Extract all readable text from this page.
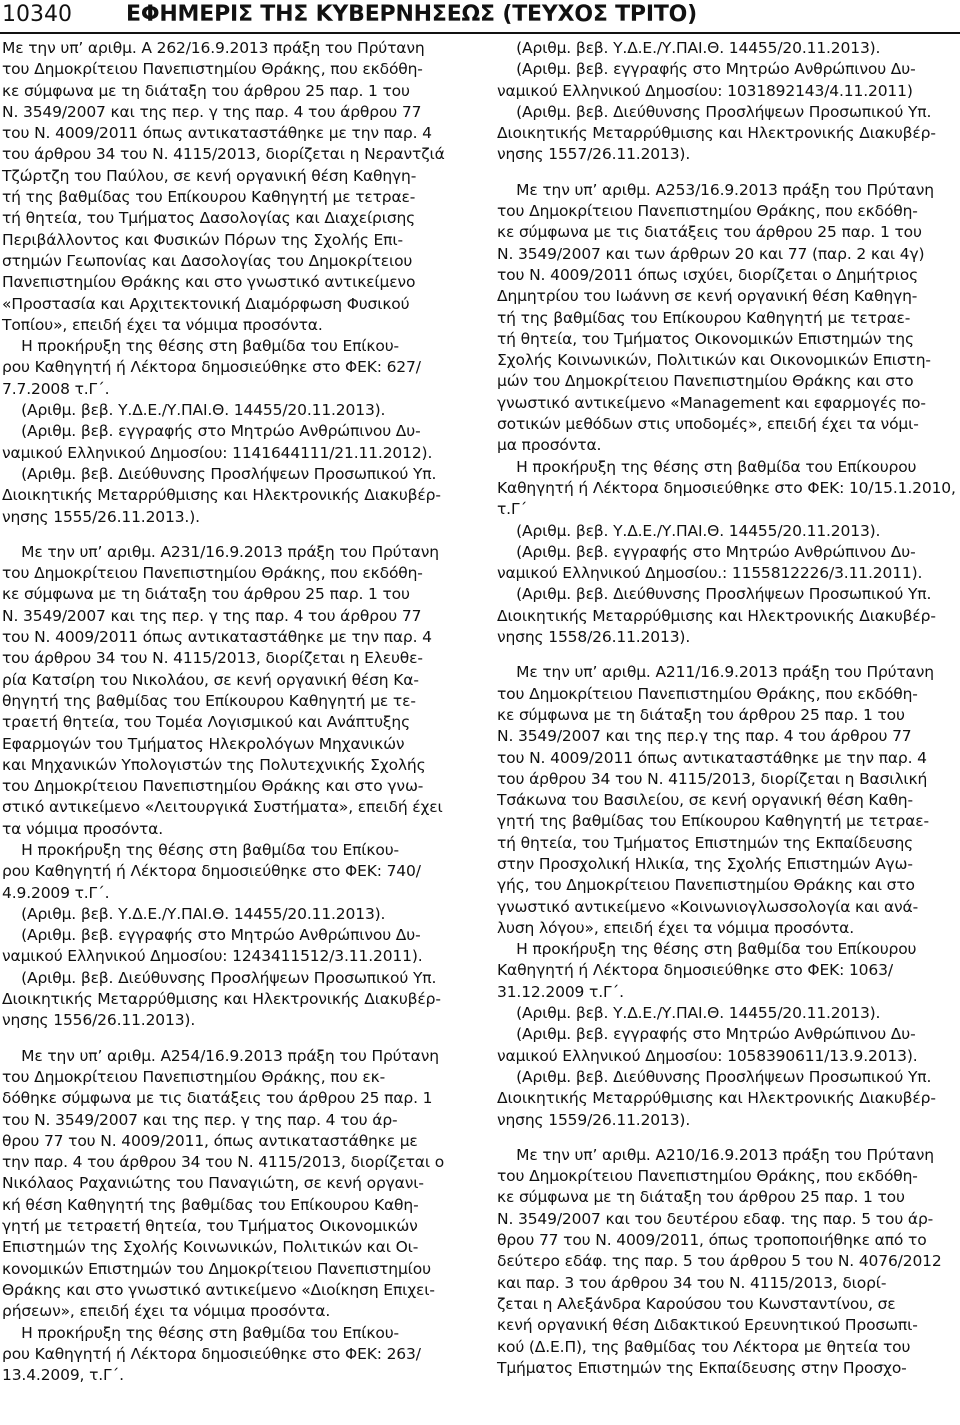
10340 ΕΦΗΜΕΡΙΣ ΤΗΣ ΚΥΒΕΡΝΗΣΕΩΣ (ΤΕΥΧΟΣ ΤΡΙΤΟ)
Με την υπ’ αριθμ. Α 262/16.9.2013 πράξη του Πρύτανη
του Δημοκρίτειου Πανεπιστημίου Θράκης, που εκδόθη-
κε σύμφωνα με τη διάταξη του άρθρου 25 παρ. 1 του
Ν. 3549/2007 και της περ. γ της παρ. 4 του άρθρου 77
του Ν. 4009/2011 όπως αντικαταστάθηκε με την παρ. 4
του άρθρου 34 του Ν. 4115/2013, διορίζεται η Νεραντζιά
Τζώρτζη του Παύλου, σε κενή οργανική θέση Καθηγη-
τή της βαθμίδας του Επίκουρου Καθηγητή με τετραε-
τή θητεία, του Τμήματος Δασολογίας και Διαχείρισης
Περιβάλλοντος και Φυσικών Πόρων της Σχολής Επι-
στημών Γεωπονίας και Δασολογίας του Δημοκρίτειου
Πανεπιστημίου Θράκης και στο γνωστικό αντικείμενο
«Προστασία και Αρχιτεκτονική Διαμόρφωση Φυσικού
Τοπίου», επειδή έχει τα νόμιμα προσόντα.
Η προκήρυξη της θέσης στη βαθμίδα του Επίκου-
ρου Καθηγητή ή Λέκτορα δημοσιεύθηκε στο ΦΕΚ: 627/
7.7.2008 τ.Γ΄.
(Αριθμ. βεβ. Υ.Δ.Ε./Υ.ΠΑΙ.Θ. 14455/20.11.2013).
(Αριθμ. βεβ. εγγραφής στο Μητρώο Ανθρώπινου Δυ-
ναμικού Ελληνικού Δημοσίου: 1141644111/21.11.2012).
(Αριθμ. βεβ. Διεύθυνσης Προσλήψεων Προσωπικού Υπ.
Διοικητικής Μεταρρύθμισης και Ηλεκτρονικής Διακυβέρ-
νησης 1555/26.11.2013.).
Με την υπ’ αριθμ. Α231/16.9.2013 πράξη του Πρύτανη
του Δημοκρίτειου Πανεπιστημίου Θράκης, που εκδόθη-
κε σύμφωνα με τη διάταξη του άρθρου 25 παρ. 1 του
Ν. 3549/2007 και της περ. γ της παρ. 4 του άρθρου 77
του Ν. 4009/2011 όπως αντικαταστάθηκε με την παρ. 4
του άρθρου 34 του Ν. 4115/2013, διορίζεται η Ελευθε-
ρία Κατσίρη του Νικολάου, σε κενή οργανική θέση Κα-
θηγητή της βαθμίδας του Επίκουρου Καθηγητή με τε-
τραετή θητεία, του Τομέα Λογισμικού και Ανάπτυξης
Εφαρμογών του Τμήματος Ηλεκρολόγων Μηχανικών
και Μηχανικών Υπολογιστών της Πολυτεχνικής Σχολής
του Δημοκρίτειου Πανεπιστημίου Θράκης και στο γνω-
στικό αντικείμενο «Λειτουργικά Συστήματα», επειδή έχει
τα νόμιμα προσόντα.
Η προκήρυξη της θέσης στη βαθμίδα του Επίκου-
ρου Καθηγητή ή Λέκτορα δημοσιεύθηκε στο ΦΕΚ: 740/
4.9.2009 τ.Γ΄.
(Αριθμ. βεβ. Υ.Δ.Ε./Υ.ΠΑΙ.Θ. 14455/20.11.2013).
(Αριθμ. βεβ. εγγραφής στο Μητρώο Ανθρώπινου Δυ-
ναμικού Ελληνικού Δημοσίου: 1243411512/3.11.2011).
(Αριθμ. βεβ. Διεύθυνσης Προσλήψεων Προσωπικού Υπ.
Διοικητικής Μεταρρύθμισης και Ηλεκτρονικής Διακυβέρ-
νησης 1556/26.11.2013).
Με την υπ’ αριθμ. Α254/16.9.2013 πράξη του Πρύτανη
του Δημοκρίτειου Πανεπιστημίου Θράκης, που εκ-
δόθηκε σύμφωνα με τις διατάξεις του άρθρου 25 παρ. 1
του Ν. 3549/2007 και της περ. γ της παρ. 4 του άρ-
θρου 77 του Ν. 4009/2011, όπως αντικαταστάθηκε με
την παρ. 4 του άρθρου 34 του Ν. 4115/2013, διορίζεται ο
Νικόλαος Ραχανιώτης του Παναγιώτη, σε κενή οργανι-
κή θέση Καθηγητή της βαθμίδας του Επίκουρου Καθη-
γητή με τετραετή θητεία, του Τμήματος Οικονομικών
Επιστημών της Σχολής Κοινωνικών, Πολιτικών και Οι-
κονομικών Επιστημών του Δημοκρίτειου Πανεπιστημίου
Θράκης και στο γνωστικό αντικείμενο «Διοίκηση Επιχει-
ρήσεων», επειδή έχει τα νόμιμα προσόντα.
Η προκήρυξη της θέσης στη βαθμίδα του Επίκου-
ρου Καθηγητή ή Λέκτορα δημοσιεύθηκε στο ΦΕΚ: 263/
13.4.2009, τ.Γ΄.
(Αριθμ. βεβ. Υ.Δ.Ε./Υ.ΠΑΙ.Θ. 14455/20.11.2013).
(Αριθμ. βεβ. εγγραφής στο Μητρώο Ανθρώπινου Δυ-
ναμικού Ελληνικού Δημοσίου: 1031892143/4.11.2011)
(Αριθμ. βεβ. Διεύθυνσης Προσλήψεων Προσωπικού Υπ.
Διοικητικής Μεταρρύθμισης και Ηλεκτρονικής Διακυβέρ-
νησης 1557/26.11.2013).
Με την υπ’ αριθμ. Α253/16.9.2013 πράξη του Πρύτανη
του Δημοκρίτειου Πανεπιστημίου Θράκης, που εκδόθη-
κε σύμφωνα με τις διατάξεις του άρθρου 25 παρ. 1 του
Ν. 3549/2007 και των άρθρων 20 και 77 (παρ. 2 και 4γ)
του Ν. 4009/2011 όπως ισχύει, διορίζεται ο Δημήτριος
Δημητρίου του Ιωάννη σε κενή οργανική θέση Καθηγη-
τή της βαθμίδας του Επίκουρου Καθηγητή με τετραε-
τή θητεία, του Τμήματος Οικονομικών Επιστημών της
Σχολής Κοινωνικών, Πολιτικών και Οικονομικών Επιστη-
μών του Δημοκρίτειου Πανεπιστημίου Θράκης και στο
γνωστικό αντικείμενο «Management και εφαρμογές πο-
σοτικών μεθόδων στις υποδομές», επειδή έχει τα νόμι-
μα προσόντα.
Η προκήρυξη της θέσης στη βαθμίδα του Επίκουρου
Καθηγητή ή Λέκτορα δημοσιεύθηκε στο ΦΕΚ: 10/15.1.2010,
τ.Γ΄
(Αριθμ. βεβ. Υ.Δ.Ε./Υ.ΠΑΙ.Θ. 14455/20.11.2013).
(Αριθμ. βεβ. εγγραφής στο Μητρώο Ανθρώπινου Δυ-
ναμικού Ελληνικού Δημοσίου.: 1155812226/3.11.2011).
(Αριθμ. βεβ. Διεύθυνσης Προσλήψεων Προσωπικού Υπ.
Διοικητικής Μεταρρύθμισης και Ηλεκτρονικής Διακυβέρ-
νησης 1558/26.11.2013).
Με την υπ’ αριθμ. Α211/16.9.2013 πράξη του Πρύτανη
του Δημοκρίτειου Πανεπιστημίου Θράκης, που εκδόθη-
κε σύμφωνα με τη διάταξη του άρθρου 25 παρ. 1 του
Ν. 3549/2007 και της περ.γ της παρ. 4 του άρθρου 77
του Ν. 4009/2011 όπως αντικαταστάθηκε με την παρ. 4
του άρθρου 34 του Ν. 4115/2013, διορίζεται η Βασιλική
Τσάκωνα του Βασιλείου, σε κενή οργανική θέση Καθη-
γητή της βαθμίδας του Επίκουρου Καθηγητή με τετραε-
τή θητεία, του Τμήματος Επιστημών της Εκπαίδευσης
στην Προσχολική Ηλικία, της Σχολής Επιστημών Αγω-
γής, του Δημοκρίτειου Πανεπιστημίου Θράκης και στο
γνωστικό αντικείμενο «Κοινωνιογλωσσολογία και ανά-
λυση λόγου», επειδή έχει τα νόμιμα προσόντα.
Η προκήρυξη της θέσης στη βαθμίδα του Επίκουρου
Καθηγητή ή Λέκτορα δημοσιεύθηκε στο ΦΕΚ: 1063/
31.12.2009 τ.Γ΄.
(Αριθμ. βεβ. Υ.Δ.Ε./Υ.ΠΑΙ.Θ. 14455/20.11.2013).
(Αριθμ. βεβ. εγγραφής στο Μητρώο Ανθρώπινου Δυ-
ναμικού Ελληνικού Δημοσίου: 1058390611/13.9.2013).
(Αριθμ. βεβ. Διεύθυνσης Προσλήψεων Προσωπικού Υπ.
Διοικητικής Μεταρρύθμισης και Ηλεκτρονικής Διακυβέρ-
νησης 1559/26.11.2013).
Με την υπ’ αριθμ. Α210/16.9.2013 πράξη του Πρύτανη
του Δημοκρίτειου Πανεπιστημίου Θράκης, που εκδόθη-
κε σύμφωνα με τη διάταξη του άρθρου 25 παρ. 1 του
Ν. 3549/2007 και του δευτέρου εδαφ. της παρ. 5 του άρ-
θρου 77 του Ν. 4009/2011, όπως τροποποιήθηκε από το
δεύτερο εδάφ. της παρ. 5 του άρθρου 5 του Ν. 4076/2012
και παρ. 3 του άρθρου 34 του Ν. 4115/2013, διορί-
ζεται η Αλεξάνδρα Καρούσου του Κωνσταντίνου, σε
κενή οργανική θέση Διδακτικού Ερευνητικού Προσωπι-
κού (Δ.Ε.Π), της βαθμίδας του Λέκτορα με θητεία του
Τμήματος Επιστημών της Εκπαίδευσης στην Προσχο-
